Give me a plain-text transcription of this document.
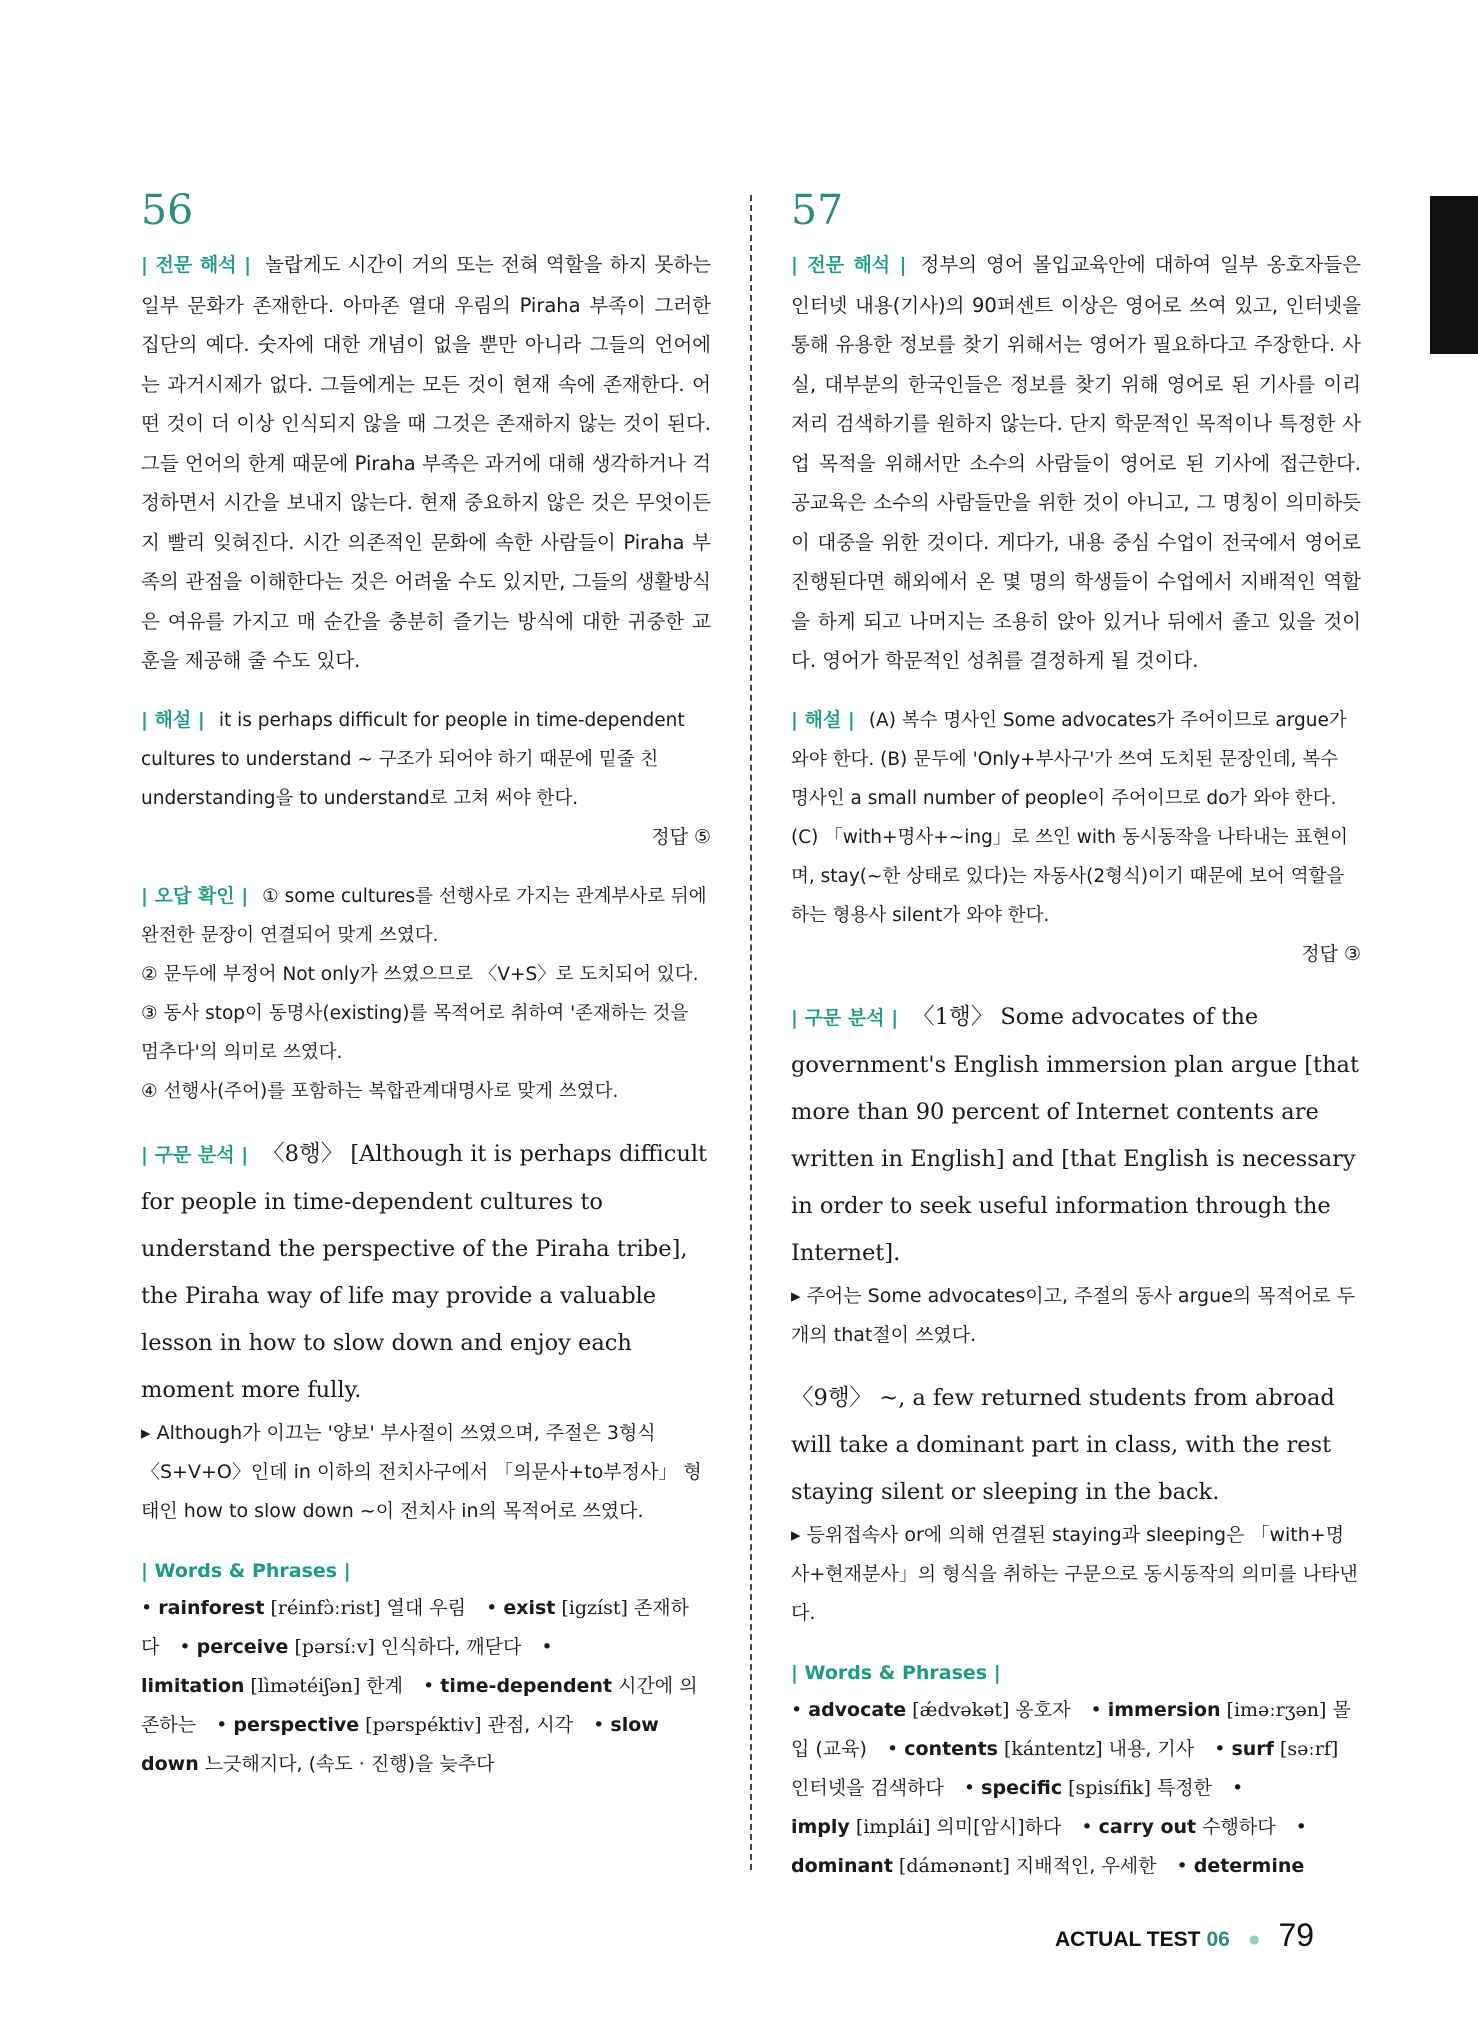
56

| 전문 해석 | 놀랍게도 시간이 거의 또는 전혀 역할을 하지 못하는 일부 문화가 존재한다. 아마존 열대 우림의 Piraha 부족이 그러한 집단의 예다. 숫자에 대한 개념이 없을 뿐만 아니라 그들의 언어에는 과거시제가 없다. 그들에게는 모든 것이 현재 속에 존재한다. 어떤 것이 더 이상 인식되지 않을 때 그것은 존재하지 않는 것이 된다. 그들 언어의 한계 때문에 Piraha 부족은 과거에 대해 생각하거나 걱정하면서 시간을 보내지 않는다. 현재 중요하지 않은 것은 무엇이든지 빨리 잊혀진다. 시간 의존적인 문화에 속한 사람들이 Piraha 부족의 관점을 이해한다는 것은 어려울 수도 있지만, 그들의 생활방식은 여유를 가지고 매 순간을 충분히 즐기는 방식에 대한 귀중한 교훈을 제공해 줄 수도 있다.

| 해설 | it is perhaps difficult for people in time-dependent cultures to understand ~ 구조가 되어야 하기 때문에 밑줄 친 understanding을 to understand로 고쳐 써야 한다.

정답 ⑤

| 오답 확인 | ① some cultures를 선행사로 가지는 관계부사로 뒤에 완전한 문장이 연결되어 맞게 쓰였다.

② 문두에 부정어 Not only가 쓰였으므로 〈V+S〉로 도치되어 있다.

③ 동사 stop이 동명사(existing)를 목적어로 취하여 '존재하는 것을 멈추다'의 의미로 쓰였다.

④ 선행사(주어)를 포함하는 복합관계대명사로 맞게 쓰였다.

| 구문 분석 | 〈8행〉 [Although it is perhaps difficult for people in time-dependent cultures to understand the perspective of the Piraha tribe], the Piraha way of life may provide a valuable lesson in how to slow down and enjoy each moment more fully.

▸ Although가 이끄는 '양보' 부사절이 쓰였으며, 주절은 3형식 〈S+V+O〉인데 in 이하의 전치사구에서 「의문사+to부정사」 형태인 how to slow down ~이 전치사 in의 목적어로 쓰였다.

| Words & Phrases |
• rainforest [réinfɔ̀ːrist] 열대 우림 • exist [igzíst] 존재하다 • perceive [pərsíːv] 인식하다, 깨닫다 • limitation [lìmətéiʃən] 한계 • time-dependent 시간에 의존하는 • perspective [pərspéktiv] 관점, 시각 • slow down 느긋해지다, (속도 · 진행)을 늦추다
57

| 전문 해석 | 정부의 영어 몰입교육안에 대하여 일부 옹호자들은 인터넷 내용(기사)의 90퍼센트 이상은 영어로 쓰여 있고, 인터넷을 통해 유용한 정보를 찾기 위해서는 영어가 필요하다고 주장한다. 사실, 대부분의 한국인들은 정보를 찾기 위해 영어로 된 기사를 이리저리 검색하기를 원하지 않는다. 단지 학문적인 목적이나 특정한 사업 목적을 위해서만 소수의 사람들이 영어로 된 기사에 접근한다. 공교육은 소수의 사람들만을 위한 것이 아니고, 그 명칭이 의미하듯이 대중을 위한 것이다. 게다가, 내용 중심 수업이 전국에서 영어로 진행된다면 해외에서 온 몇 명의 학생들이 수업에서 지배적인 역할을 하게 되고 나머지는 조용히 앉아 있거나 뒤에서 졸고 있을 것이다. 영어가 학문적인 성취를 결정하게 될 것이다.

| 해설 | (A) 복수 명사인 Some advocates가 주어이므로 argue가 와야 한다. (B) 문두에 'Only+부사구'가 쓰여 도치된 문장인데, 복수 명사인 a small number of people이 주어이므로 do가 와야 한다. (C) 「with+명사+~ing」로 쓰인 with 동시동작을 나타내는 표현이며, stay(~한 상태로 있다)는 자동사(2형식)이기 때문에 보어 역할을 하는 형용사 silent가 와야 한다.

정답 ③

| 구문 분석 | 〈1행〉 Some advocates of the government's English immersion plan argue [that more than 90 percent of Internet contents are written in English] and [that English is necessary in order to seek useful information through the Internet].

▸ 주어는 Some advocates이고, 주절의 동사 argue의 목적어로 두 개의 that절이 쓰였다.

〈9행〉 ~, a few returned students from abroad will take a dominant part in class, with the rest staying silent or sleeping in the back.

▸ 등위접속사 or에 의해 연결된 staying과 sleeping은 「with+명사+현재분사」의 형식을 취하는 구문으로 동시동작의 의미를 나타낸다.

| Words & Phrases |
• advocate [ǽdvəkət] 옹호자 • immersion [iməːrʒən] 몰입 (교육) • contents [kántentz] 내용, 기사 • surf [səːrf]인터넷을 검색하다 • specific [spisífik] 특정한 • imply [implái] 의미[암시]하다 • carry out 수행하다 • dominant [dámənənt] 지배적인, 우세한 • determine
ACTUAL TEST 06 ● 79
